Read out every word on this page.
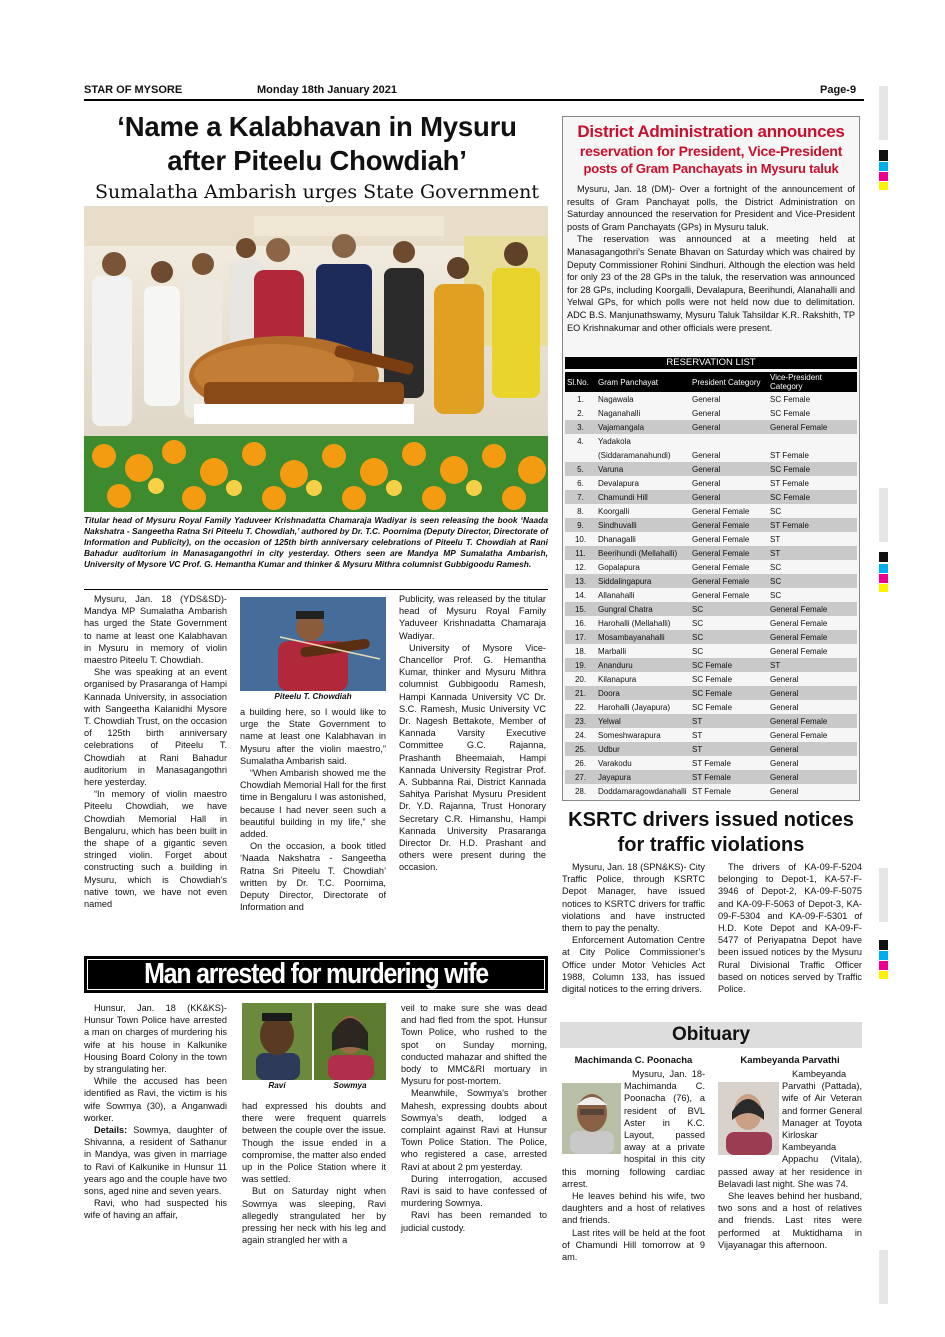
STAR OF MYSORE	Monday 18th January 2021	Page-9
‘Name a Kalabhavan in Mysuru
after Piteelu Chowdiah’
Sumalatha Ambarish urges State Government
Titular head of Mysuru Royal Family Yaduveer Krishnadatta Chamaraja Wadiyar is seen releasing the book ‘Naada Nakshatra - Sangeetha Ratna Sri Piteelu T. Chowdiah,’ authored by Dr. T.C. Poornima (Deputy Director, Directorate of Information and Publicity), on the occasion of 125th birth anniversary celebrations of Piteelu T. Chowdiah at Rani Bahadur auditorium in Manasagangothri in city yesterday. Others seen are Mandya MP Sumalatha Ambarish, University of Mysore VC Prof. G. Hemantha Kumar and thinker & Mysuru Mithra columnist Gubbigoodu Ramesh.

Mysuru, Jan. 18 (YDS&SD)- Mandya MP Sumalatha Ambarish has urged the State Government to name at least one Kalabhavan in Mysuru in memory of violin maestro Piteelu T. Chowdiah.

She was speaking at an event organised by Prasaranga of Hampi Kannada University, in association with Sangeetha Kalanidhi Mysore T. Chowdiah Trust, on the occasion of 125th birth anniversary celebrations of Piteelu T. Chowdiah at Rani Bahadur auditorium in Manasagangothri here yesterday.

“In memory of violin maestro Piteelu Chowdiah, we have Chowdiah Memorial Hall in Bengaluru, which has been built in the shape of a gigantic seven stringed violin. Forget about constructing such a building in Mysuru, which is Chowdiah’s native town, we have not even named

Piteelu T. Chowdiah

a building here, so I would like to urge the State Government to name at least one Kalabhavan in Mysuru after the violin maestro,” Sumalatha Ambarish said.

“When Ambarish showed me the Chowdiah Memorial Hall for the first time in Bengaluru I was astonished, because I had never seen such a beautiful building in my life,” she added.

On the occasion, a book titled ‘Naada Nakshatra - Sangeetha Ratna Sri Piteelu T. Chowdiah’ written by Dr. T.C. Poornima, Deputy Director, Directorate of Information and

Publicity, was released by the titular head of Mysuru Royal Family Yaduveer Krishnadatta Chamaraja Wadiyar.

University of Mysore Vice-Chancellor Prof. G. Hemantha Kumar, thinker and Mysuru Mithra columnist Gubbigoodu Ramesh, Hampi Kannada University VC Dr. S.C. Ramesh, Music University VC Dr. Nagesh Bettakote, Member of Kannada Varsity Executive Committee G.C. Rajanna, Prashanth Bheemaiah, Hampi Kannada University Registrar Prof. A. Subbanna Rai, District Kannada Sahitya Parishat Mysuru President Dr. Y.D. Rajanna, Trust Honorary Secretary C.R. Himanshu, Hampi Kannada University Prasaranga Director Dr. H.D. Prashant and others were present during the occasion.

District Administration announces
reservation for President, Vice-President
posts of Gram Panchayats in Mysuru taluk

Mysuru, Jan. 18 (DM)- Over a fortnight of the announcement of results of Gram Panchayat polls, the District Administration on Saturday announced the reservation for President and Vice-President posts of Gram Panchayats (GPs) in Mysuru taluk.

The reservation was announced at a meeting held at Manasagangothri’s Senate Bhavan on Saturday which was chaired by Deputy Commissioner Rohini Sindhuri. Although the election was held for only 23 of the 28 GPs in the taluk, the reservation was announced for 28 GPs, including Koorgalli, Devalapura, Beerihundi, Alanahalli and Yelwal GPs, for which polls were not held now due to delimitation. ADC B.S. Manjunathswamy, Mysuru Taluk Tahsildar K.R. Rakshith, TP EO Krishnakumar and other officials were present.

RESERVATION LIST
Sl.No.	Gram Panchayat	President Category	Vice-President Category
1.	Nagawala	General	SC Female
2.	Naganahalli	General	SC Female
3.	Vajamangala	General	General Female
4.	Yadakola		
	(Siddaramanahundi)	General	ST Female
5.	Varuna	General	SC Female
6.	Devalapura	General	ST Female
7.	Chamundi Hill	General	SC Female
8.	Koorgalli	General Female	SC
9.	Sindhuvalli	General Female	ST Female
10.	Dhanagalli	General Female	ST
11.	Beerihundi (Mellahalli)	General Female	ST
12.	Gopalapura	General Female	SC
13.	Siddalingapura	General Female	SC
14.	Allanahalli	General Female	SC
15.	Gungral Chatra	SC	General Female
16.	Harohalli (Mellahalli)	SC	General Female
17.	Mosambayanahalli	SC	General Female
18.	Marballi	SC	General Female
19.	Ananduru	SC Female	ST
20.	Kilanapura	SC Female	General
21.	Doora	SC Female	General
22.	Harohalli (Jayapura)	SC Female	General
23.	Yelwal	ST	General Female
24.	Someshwarapura	ST	General Female
25.	Udbur	ST	General
26.	Varakodu	ST Female	General
27.	Jayapura	ST Female	General
28.	Doddamaragowdanahalli	ST Female	General
KSRTC drivers issued notices
for traffic violations

Mysuru, Jan. 18 (SPN&KS)- City Traffic Police, through KSRTC Depot Manager, have issued notices to KSRTC drivers for traffic violations and have instructed them to pay the penalty.

Enforcement Automation Centre at City Police Commissioner’s Office under Motor Vehicles Act 1988, Column 133, has issued digital notices to the erring drivers.

The drivers of KA-09-F-5204 belonging to Depot-1, KA-57-F-3946 of Depot-2, KA-09-F-5075 and KA-09-F-5063 of Depot-3, KA-09-F-5304 and KA-09-F-5301 of H.D. Kote Depot and KA-09-F-5477 of Periyapatna Depot have been issued notices by the Mysuru Rural Divisional Traffic Officer based on notices served by Traffic Police.

Man arrested for murdering wife

Hunsur, Jan. 18 (KK&KS)- Hunsur Town Police have arrested a man on charges of murdering his wife at his house in Kalkunike Housing Board Colony in the town by strangulating her.

While the accused has been identified as Ravi, the victim is his wife Sowmya (30), a Anganwadi worker.

Details: Sowmya, daughter of Shivanna, a resident of Sathanur in Mandya, was given in marriage to Ravi of Kalkunike in Hunsur 11 years ago and the couple have two sons, aged nine and seven years.

Ravi, who had suspected his wife of having an affair,

Ravi	Sowmya

had expressed his doubts and there were frequent quarrels between the couple over the issue. Though the issue ended in a compromise, the matter also ended up in the Police Station where it was settled.

But on Saturday night when Sowmya was sleeping, Ravi allegedly strangulated her by pressing her neck with his leg and again strangled her with a

veil to make sure she was dead and had fled from the spot. Hunsur Town Police, who rushed to the spot on Sunday morning, conducted mahazar and shifted the body to MMC&RI mortuary in Mysuru for post-mortem.

Meanwhile, Sowmya’s brother Mahesh, expressing doubts about Sowmya’s death, lodged a complaint against Ravi at Hunsur Town Police Station. The Police, who registered a case, arrested Ravi at about 2 pm yesterday.

During interrogation, accused Ravi is said to have confessed of murdering Sowmya.

Ravi has been remanded to judicial custody.

Obituary
Machimanda C. Poonacha

Mysuru, Jan. 18- Machimanda C. Poonacha (76), a resident of BVL Aster in K.C. Layout, passed away at a private hospital in this city this morning following cardiac arrest.

He leaves behind his wife, two daughters and a host of relatives and friends.

Last rites will be held at the foot of Chamundi Hill tomorrow at 9 am.

Kambeyanda Parvathi

Kambeyanda Parvathi (Pattada), wife of Air Veteran and former General Manager at Toyota Kirloskar Kambeyanda Appachu (Vitala), passed away at her residence in Belavadi last night. She was 74.

She leaves behind her husband, two sons and a host of relatives and friends. Last rites were performed at Muktidhama in Vijayanagar this afternoon.
